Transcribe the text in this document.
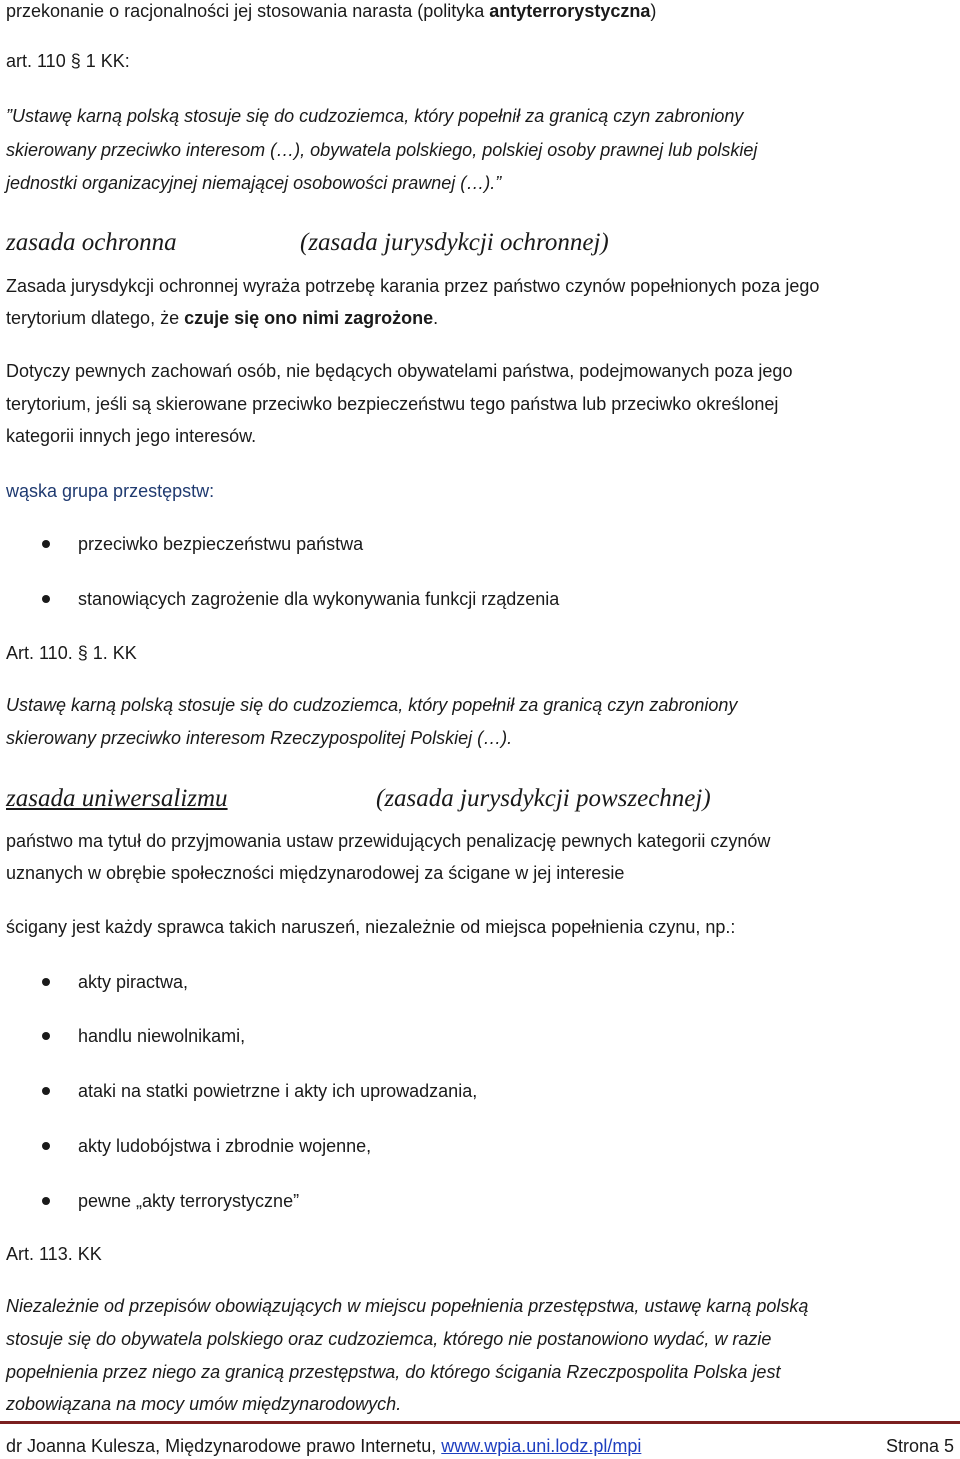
przekonanie o racjonalności jej stosowania narasta (polityka antyterrorystyczna)
art. 110 § 1 KK:
”Ustawę karną polską stosuje się do cudzoziemca, który popełnił za granicą czyn zabroniony
skierowany przeciwko interesom (…), obywatela polskiego, polskiej osoby prawnej lub polskiej
jednostki organizacyjnej niemającej osobowości prawnej (…).”
zasada ochronna	(zasada jurysdykcji ochronnej)
Zasada jurysdykcji ochronnej wyraża potrzebę karania przez państwo czynów popełnionych poza jego
terytorium dlatego, że czuje się ono nimi zagrożone.
Dotyczy pewnych zachowań osób, nie będących obywatelami państwa, podejmowanych poza jego
terytorium, jeśli są skierowane przeciwko bezpieczeństwu tego państwa lub przeciwko określonej
kategorii innych jego interesów.
wąska grupa przestępstw:
przeciwko bezpieczeństwu państwa
stanowiących zagrożenie dla wykonywania funkcji rządzenia
Art. 110. § 1. KK
Ustawę karną polską stosuje się do cudzoziemca, który popełnił za granicą czyn zabroniony
skierowany przeciwko interesom Rzeczypospolitej Polskiej (…).
zasada uniwersalizmu	(zasada jurysdykcji powszechnej)
państwo ma tytuł do przyjmowania ustaw przewidujących penalizację pewnych kategorii czynów
uznanych w obrębie społeczności międzynarodowej za ścigane w jej interesie
ścigany jest każdy sprawca takich naruszeń, niezależnie od miejsca popełnienia czynu, np.:
akty piractwa,
handlu niewolnikami,
ataki na statki powietrzne i akty ich uprowadzania,
akty ludobójstwa i zbrodnie wojenne,
pewne „akty terrorystyczne”
Art. 113. KK
Niezależnie od przepisów obowiązujących w miejscu popełnienia przestępstwa, ustawę karną polską
stosuje się do obywatela polskiego oraz cudzoziemca, którego nie postanowiono wydać, w razie
popełnienia przez niego za granicą przestępstwa, do którego ścigania Rzeczpospolita Polska jest
zobowiązana na mocy umów międzynarodowych.
dr Joanna Kulesza, Międzynarodowe prawo Internetu, www.wpia.uni.lodz.pl/mpi	Strona 5
